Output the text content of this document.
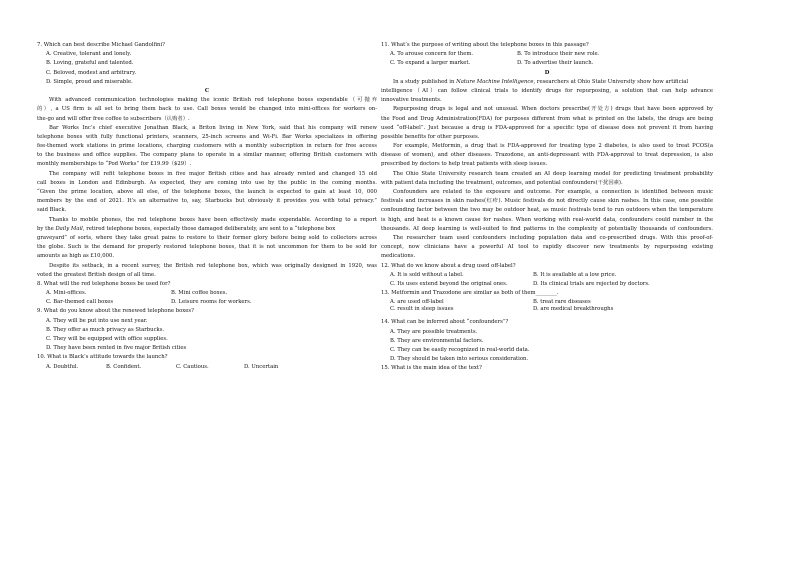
7. Which can best describe Michael Gandolfini?
A. Creative, tolerant and lonely.
B. Loving, grateful and talented.
C. Beloved, modest and arbitrary.
D. Simple, proud and miserable.
C
With advanced communication technologies making the iconic British red telephone boxes expendable（可抛弃
的）, a US firm is all set to bring them back to use. Call boxes would be changed into mini-offices for workers on-
the-go and will offer free coffee to subscribers（认购者）.
Bar Works Inc’s chief executive Jonathan Black, a Briton living in New York, said that his company will renew
telephone boxes with fully functional printers, scanners, 25-inch screens and Wi-Fi. Bar Works specializes in offering
fee-themed work stations in prime locations, charging customers with a monthly subscription in return for free access
to the business and office supplies. The company plans to operate in a similar manner, offering British customers with
monthly memberships to “Pod Works” for £19.99（$29）.
The company will refit telephone boxes in five major British cities and has already rented and changed 15 old
call boxes in London and Edinburgh. As expected, they are coming into use by the public in the coming months.
“Given the prime location, above all else, of the telephone boxes, the launch is expected to gain at least 10, 000
members by the end of 2021. It’s an alternative to, say, Starbucks but obviously it provides you with total privacy.”
said Black.
Thanks to mobile phones, the red telephone boxes have been effectively made expendable. According to a report
by the Daily Mail, retired telephone boxes, especially those damaged deliberately, are sent to a “telephone box
graveyard” of sorts, where they take great pains to restore to their former glory before being sold to collectors across
the globe. Such is the demand for properly restored telephone boxes, that it is not uncommon for them to be sold for
amounts as high as £10,000.
Despite its setback, in a recent survey, the British red telephone box, which was originally designed in 1920, was
voted the greatest British design of all time.
8. What will the red telephone boxes be used for?
A. Mini-offices.	B. Mini coffee boxes.
C. Bar-themed call boxes	D. Leisure rooms for workers.
9. What do you know about the renewed telephone boxes?
A. They will be put into use next year.
B. They offer as much privacy as Starbucks.
C. They will be equipped with office supplies.
D. They have been rented in five major British cities
10. What is Black’s attitude towards the launch?
A. Doubtful.	B. Confident.	C. Cautious.	D. Uncertain
11. What’s the purpose of writing about the telephone boxes in this passage?
A. To arouse concern for them.	B. To introduce their new role.
C. To expand a larger market.	D. To advertise their launch.
D
In a study published in Nature Machine Intelligence, researchers at Ohio State University show how artificial
intelligence（AI）can follow clinical trials to identify drugs for repurposing, a solution that can help advance
innovative treatments.
Repurposing drugs is legal and not unusual. When doctors prescribe(开处方) drugs that have been approved by
the Food and Drug Administration(FDA) for purposes different from what is printed on the labels, the drugs are being
used “off-label”. Just because a drug is FDA-approved for a specific type of disease does not prevent it from having
possible benefits for other purposes.
For example, Metformin, a drug that is FDA-approved for treating type 2 diabetes, is also used to treat PCOS(a
disease of women), and other diseases. Trazodone, an anti-depressant with FDA-approval to treat depression, is also
prescribed by doctors to help treat patients with sleep issues.
The Ohio State University research team created an AI deep learning model for predicting treatment probability
with patient data including the treatment, outcomes, and potential confounders(干扰因素).
Confounders are related to the exposure and outcome. For example, a connection is identified between music
festivals and increases in skin rashes(红疹). Music festivals do not directly cause skin rashes. In this case, one possible
confounding factor between the two may be outdoor heat, as music festivals tend to run outdoors when the temperature
is high, and heat is a known cause for rashes. When working with real-world data, confounders could number in the
thousands. AI deep learning is well-suited to find patterns in the complexity of potentially thousands of confounders.
The researcher team used confounders including population data and co-prescribed drugs. With this proof-of-
concept, now clinicians have a powerful AI tool to rapidly discover new treatments by repurposing existing
medications.
12. What do we know about a drug used off-label?
A. It is sold without a label.	B. It is available at a low price.
C. Its uses extend beyond the original ones.	D. Its clinical trials are rejected by doctors.
13. Metformin and Trazodone are similar as both of them________.
A. are used off-label	B. treat rare diseases
C. result in sleep issues	D. are medical breakthroughs
14. What can be inferred about “confounders”?
A. They are possible treatments.
B. They are environmental factors.
C. They can be easily recognized in real-world data.
D. They should be taken into serious consideration.
15. What is the main idea of the text?
